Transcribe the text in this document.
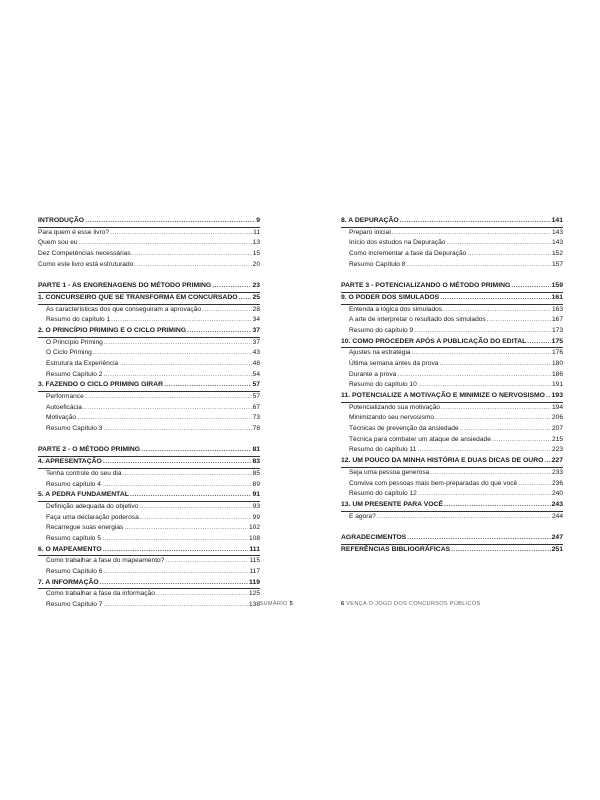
INTRODUÇÃO .....	9
Para quem é esse livro? .....	11
Quem sou eu .....	13
Dez Competências necessárias .....	15
Como este livro está estruturado .....	20
PARTE 1 - AS ENGRENAGENS DO MÉTODO PRIMING .....	23
1. CONCURSEIRO QUE SE TRANSFORMA EM CONCURSADO ..... 25
As características dos que conseguiram a aprovação .....	28
Resumo do capítulo 1 .....	34
2. O PRINCÍPIO PRIMING E O CICLO PRIMING .....	37
O Princípio Priming .....	37
O Ciclo Priming .....	43
Estrutura da Experiência .....	48
Resumo Capítulo 2 .....	54
3. FAZENDO O CICLO PRIMING GIRAR .....	57
Performance .....	57
Autoeficácia .....	67
Motivação .....	73
Resumo Capítulo 3 .....	78
PARTE 2 - O MÉTODO PRIMING .....	81
4. APRESENTAÇÃO .....	83
Tenha controle do seu dia .....	85
Resumo capítulo 4 .....	89
5. A PEDRA FUNDAMENTAL .....	91
Definição adequada do objetivo .....	93
Faça uma declaração poderosa .....	99
Recarregue suas energias .....	102
Resumo capítulo 5 .....	108
6. O MAPEAMENTO .....	111
Como trabalhar a fase do mapeamento? .....	115
Resumo Capítulo 6 .....	117
7. A INFORMAÇÃO .....	119
Como trabalhar a fase da informação .....	125
Resumo Capítulo 7 .....	138
8. A DEPURAÇÃO .....	141
Preparo inicial .....	143
Início dos estudos na Depuração .....	143
Como incrementar a fase da Depuração .....	152
Resumo Capítulo 8 .....	157
PARTE 3 - POTENCIALIZANDO O MÉTODO PRIMING .....	159
9. O PODER DOS SIMULADOS .....	161
Entenda a lógica dos simulados .....	163
A arte de interpretar o resultado dos simulados .....	167
Resumo do capítulo 9 .....	173
10. COMO PROCEDER APÓS A PUBLICAÇÃO DO EDITAL .....	175
Ajustes na estratégia .....	176
Última semana antes da prova .....	180
Durante a prova .....	186
Resumo do capítulo 10 .....	191
11. POTENCIALIZE A MOTIVAÇÃO E MINIMIZE O NERVOSISMO ..... 193
Potencializando sua motivação .....	194
Minimizando seu nervosismo .....	206
Técnicas de prevenção da ansiedade .....	207
Técnica para combater um ataque de ansiedade .....	215
Resumo do capítulo 11 .....	223
12. UM POUCO DA MINHA HISTÓRIA E DUAS DICAS DE OURO ..... 227
Seja uma pessoa generosa .....	233
Conviva com pessoas mais bem-preparadas do que você .....	236
Resumo do capítulo 12 .....	240
13. UM PRESENTE PARA VOCÊ .....	243
E agora? .....	244
AGRADECIMENTOS .....	247
REFERÊNCIAS BIBLIOGRÁFICAS .....	251
SUMÁRIO 5	6 VENÇA O JOGO DOS CONCURSOS PÚBLICOS
